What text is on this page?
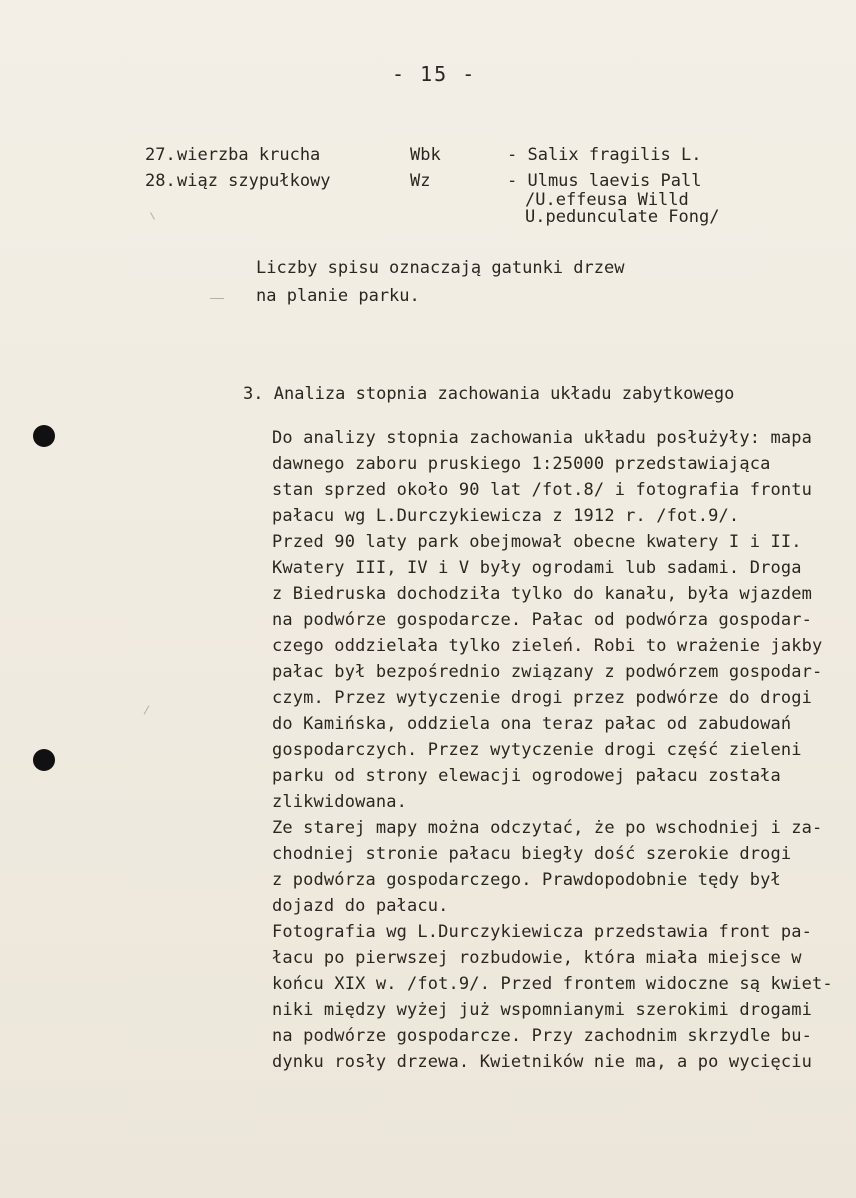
- 15 -
27. wierzba krucha	Wbk	- Salix fragilis L.
28. wiąz szypułkowy	Wz	- Ulmus laevis Pall
/U.effeusa Willd
U.pedunculate Fong/
Liczby spisu oznaczają gatunki drzew
na planie parku.
3. Analiza stopnia zachowania układu zabytkowego
Do analizy stopnia zachowania układu posłużyły: mapa
dawnego zaboru pruskiego 1:25000 przedstawiająca
stan sprzed około 90 lat /fot.8/ i fotografia frontu
pałacu wg L.Durczykiewicza z 1912 r. /fot.9/.
Przed 90 laty park obejmował obecne kwatery I i II.
Kwatery III, IV i V były ogrodami lub sadami. Droga
z Biedruska dochodziła tylko do kanału, była wjazdem
na podwórze gospodarcze. Pałac od podwórza gospodar-
czego oddzielała tylko zieleń. Robi to wrażenie jakby
pałac był bezpośrednio związany z podwórzem gospodar-
czym. Przez wytyczenie drogi przez podwórze do drogi
do Kamińska, oddziela ona teraz pałac od zabudowań
gospodarczych. Przez wytyczenie drogi część zieleni
parku od strony elewacji ogrodowej pałacu została
zlikwidowana.
Ze starej mapy można odczytać, że po wschodniej i za-
chodniej stronie pałacu biegły dość szerokie drogi
z podwórza gospodarczego. Prawdopodobnie tędy był
dojazd do pałacu.
Fotografia wg L.Durczykiewicza przedstawia front pa-
łacu po pierwszej rozbudowie, która miała miejsce w
końcu XIX w. /fot.9/. Przed frontem widoczne są kwiet-
niki między wyżej już wspomnianymi szerokimi drogami
na podwórze gospodarcze. Przy zachodnim skrzydle bu-
dynku rosły drzewa. Kwietników nie ma, a po wycięciu
